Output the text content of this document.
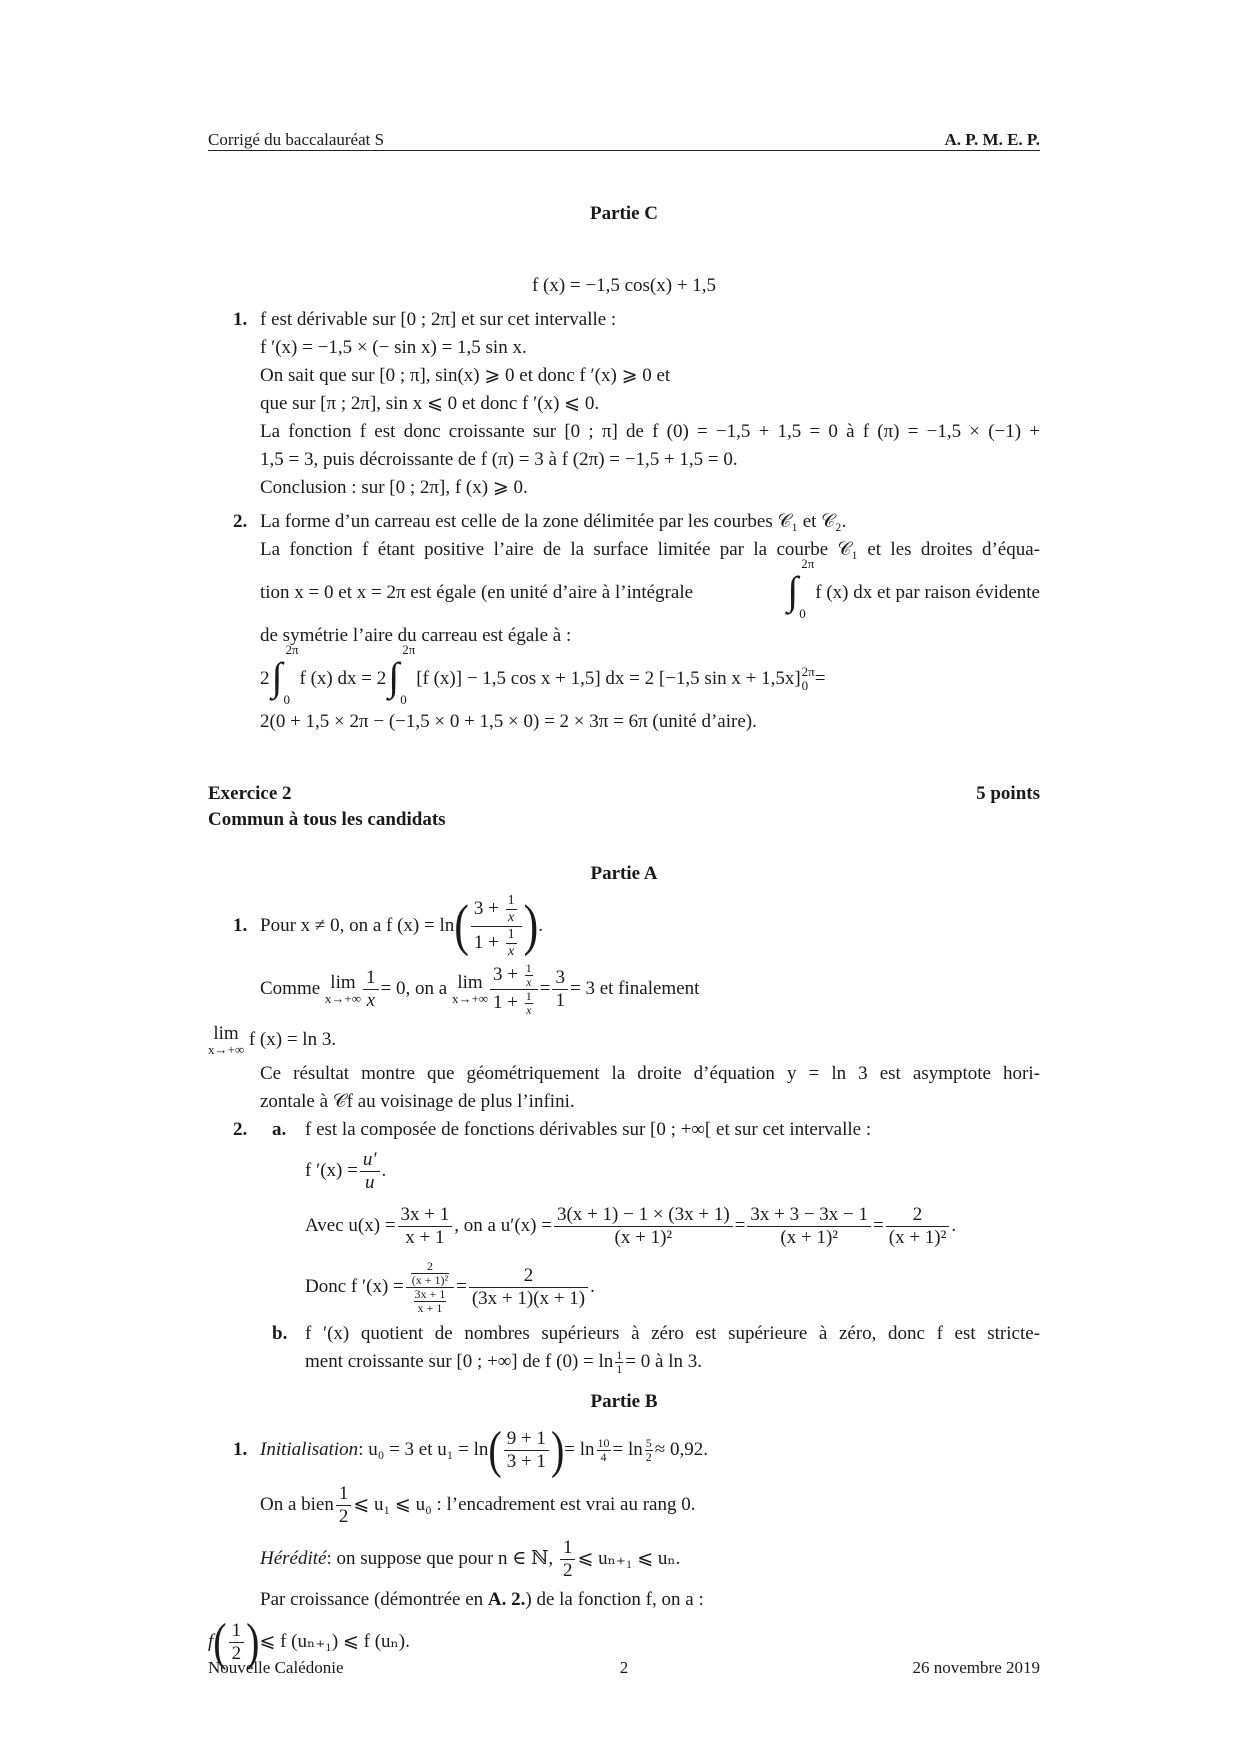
Corrigé du baccalauréat S	A. P. M. E. P.
Partie C
f (x) = −1,5 cos(x) + 1,5
1. f est dérivable sur [0 ; 2π] et sur cet intervalle :
f ′(x) = −1,5 × (− sin x) = 1,5 sin x.
On sait que sur [0 ; π], sin(x) ⩾ 0 et donc f ′(x) ⩾ 0 et
que sur [π ; 2π], sin x ⩽ 0 et donc f ′(x) ⩽ 0.
La fonction f est donc croissante sur [0 ; π] de f (0) = −1,5 + 1,5 = 0 à f (π) = −1,5 × (−1) +
1,5 = 3, puis décroissante de f (π) = 3 à f (2π) = −1,5 + 1,5 = 0.
Conclusion : sur [0 ; 2π], f (x) ⩾ 0.
2. La forme d’un carreau est celle de la zone délimitée par les courbes 𝒞₁ et 𝒞₂.
La fonction f étant positive l’aire de la surface limitée par la courbe 𝒞₁ et les droites d’équa-
tion x = 0 et x = 2π est égale (en unité d’aire à l’intégrale ∫
2π
0
f (x) dx et par raison évidente
de symétrie l’aire du carreau est égale à :
2 ∫
2π
0
f (x) dx = 2 ∫
2π
0
[f (x)] − 1,5 cos x + 1,5] dx = 2 [−1,5 sin x + 1,5x] 2π
0 =
2(0 + 1,5 × 2π − (−1,5 × 0 + 1,5 × 0) = 2 × 3π = 6π (unité d’aire).
Exercice 2	5 points
Commun à tous les candidats
Partie A
1. Pour x ≠ 0, on a f (x) = ln ( $\frac{3 + \frac{1}{x}}{1 + \frac{1}{x}}$ ) .
Comme
lim
$x\to+\infty \frac{1}{x} = 0$, on a
lim
$x\to+\infty \frac{3 + \frac{1}{x}}{1 + \frac{1}{x}} = \frac{3}{1} = 3$ et finalement
lim
x→+∞
f (x) = ln 3.
Ce résultat montre que géométriquement la droite d’équation y = ln 3 est asymptote hori-
zontale à 𝒞f au voisinage de plus l’infini.
2. a. f est la composée de fonctions dérivables sur [0 ; +∞[ et sur cet intervalle :
f $'(x) = \frac{u'}{u}$ .
Avec $u(x) = \frac{3x + 1}{x + 1}$ , on a $u'(x) = \frac{3(x + 1) - 1 \times (3x + 1)}{\text{(x + 1)²}} = \frac{3x + 3 - 3x - 1}{\text{(x + 1)²}} = \frac{2}{\text{(x + 1)²}}$ .
Donc f $'(x) = \frac{\frac{2}{\text{(x + 1)²}}}{\frac{3x + 1}{x + 1}} = \frac{2}{(3x + 1)(x + 1)}$ .
b. f ′(x) quotient de nombres supérieurs à zéro est supérieure à zéro, donc f est stricte-
ment croissante sur [0 ; +∞] de f $(0) = \ln \frac{1}{1} = 0$ à ln 3.
Partie B
1. Initialisation : u₀ = 3 et u₁ = ln ( $\frac{9 + 1}{3 + 1}$ ) = $\ln \frac{10}{4} = \ln \frac{5}{2} \approx 0,92$.
On a bien $\frac{1}{2}$ ⩽ u₁ ⩽ u₀ : l’encadrement est vrai au rang 0.
Hérédité : on suppose que pour n ∈ ℕ,
$\frac{1}{2}$ ⩽ uₙ₊₁ ⩽ uₙ.
Par croissance (démontrée en A. 2.) de la fonction f, on a :
f ( $\frac{1}{2}$ ) ⩽ f (uₙ₊₁) ⩽ f (uₙ).
Nouvelle Calédonie	2	26 novembre 2019
